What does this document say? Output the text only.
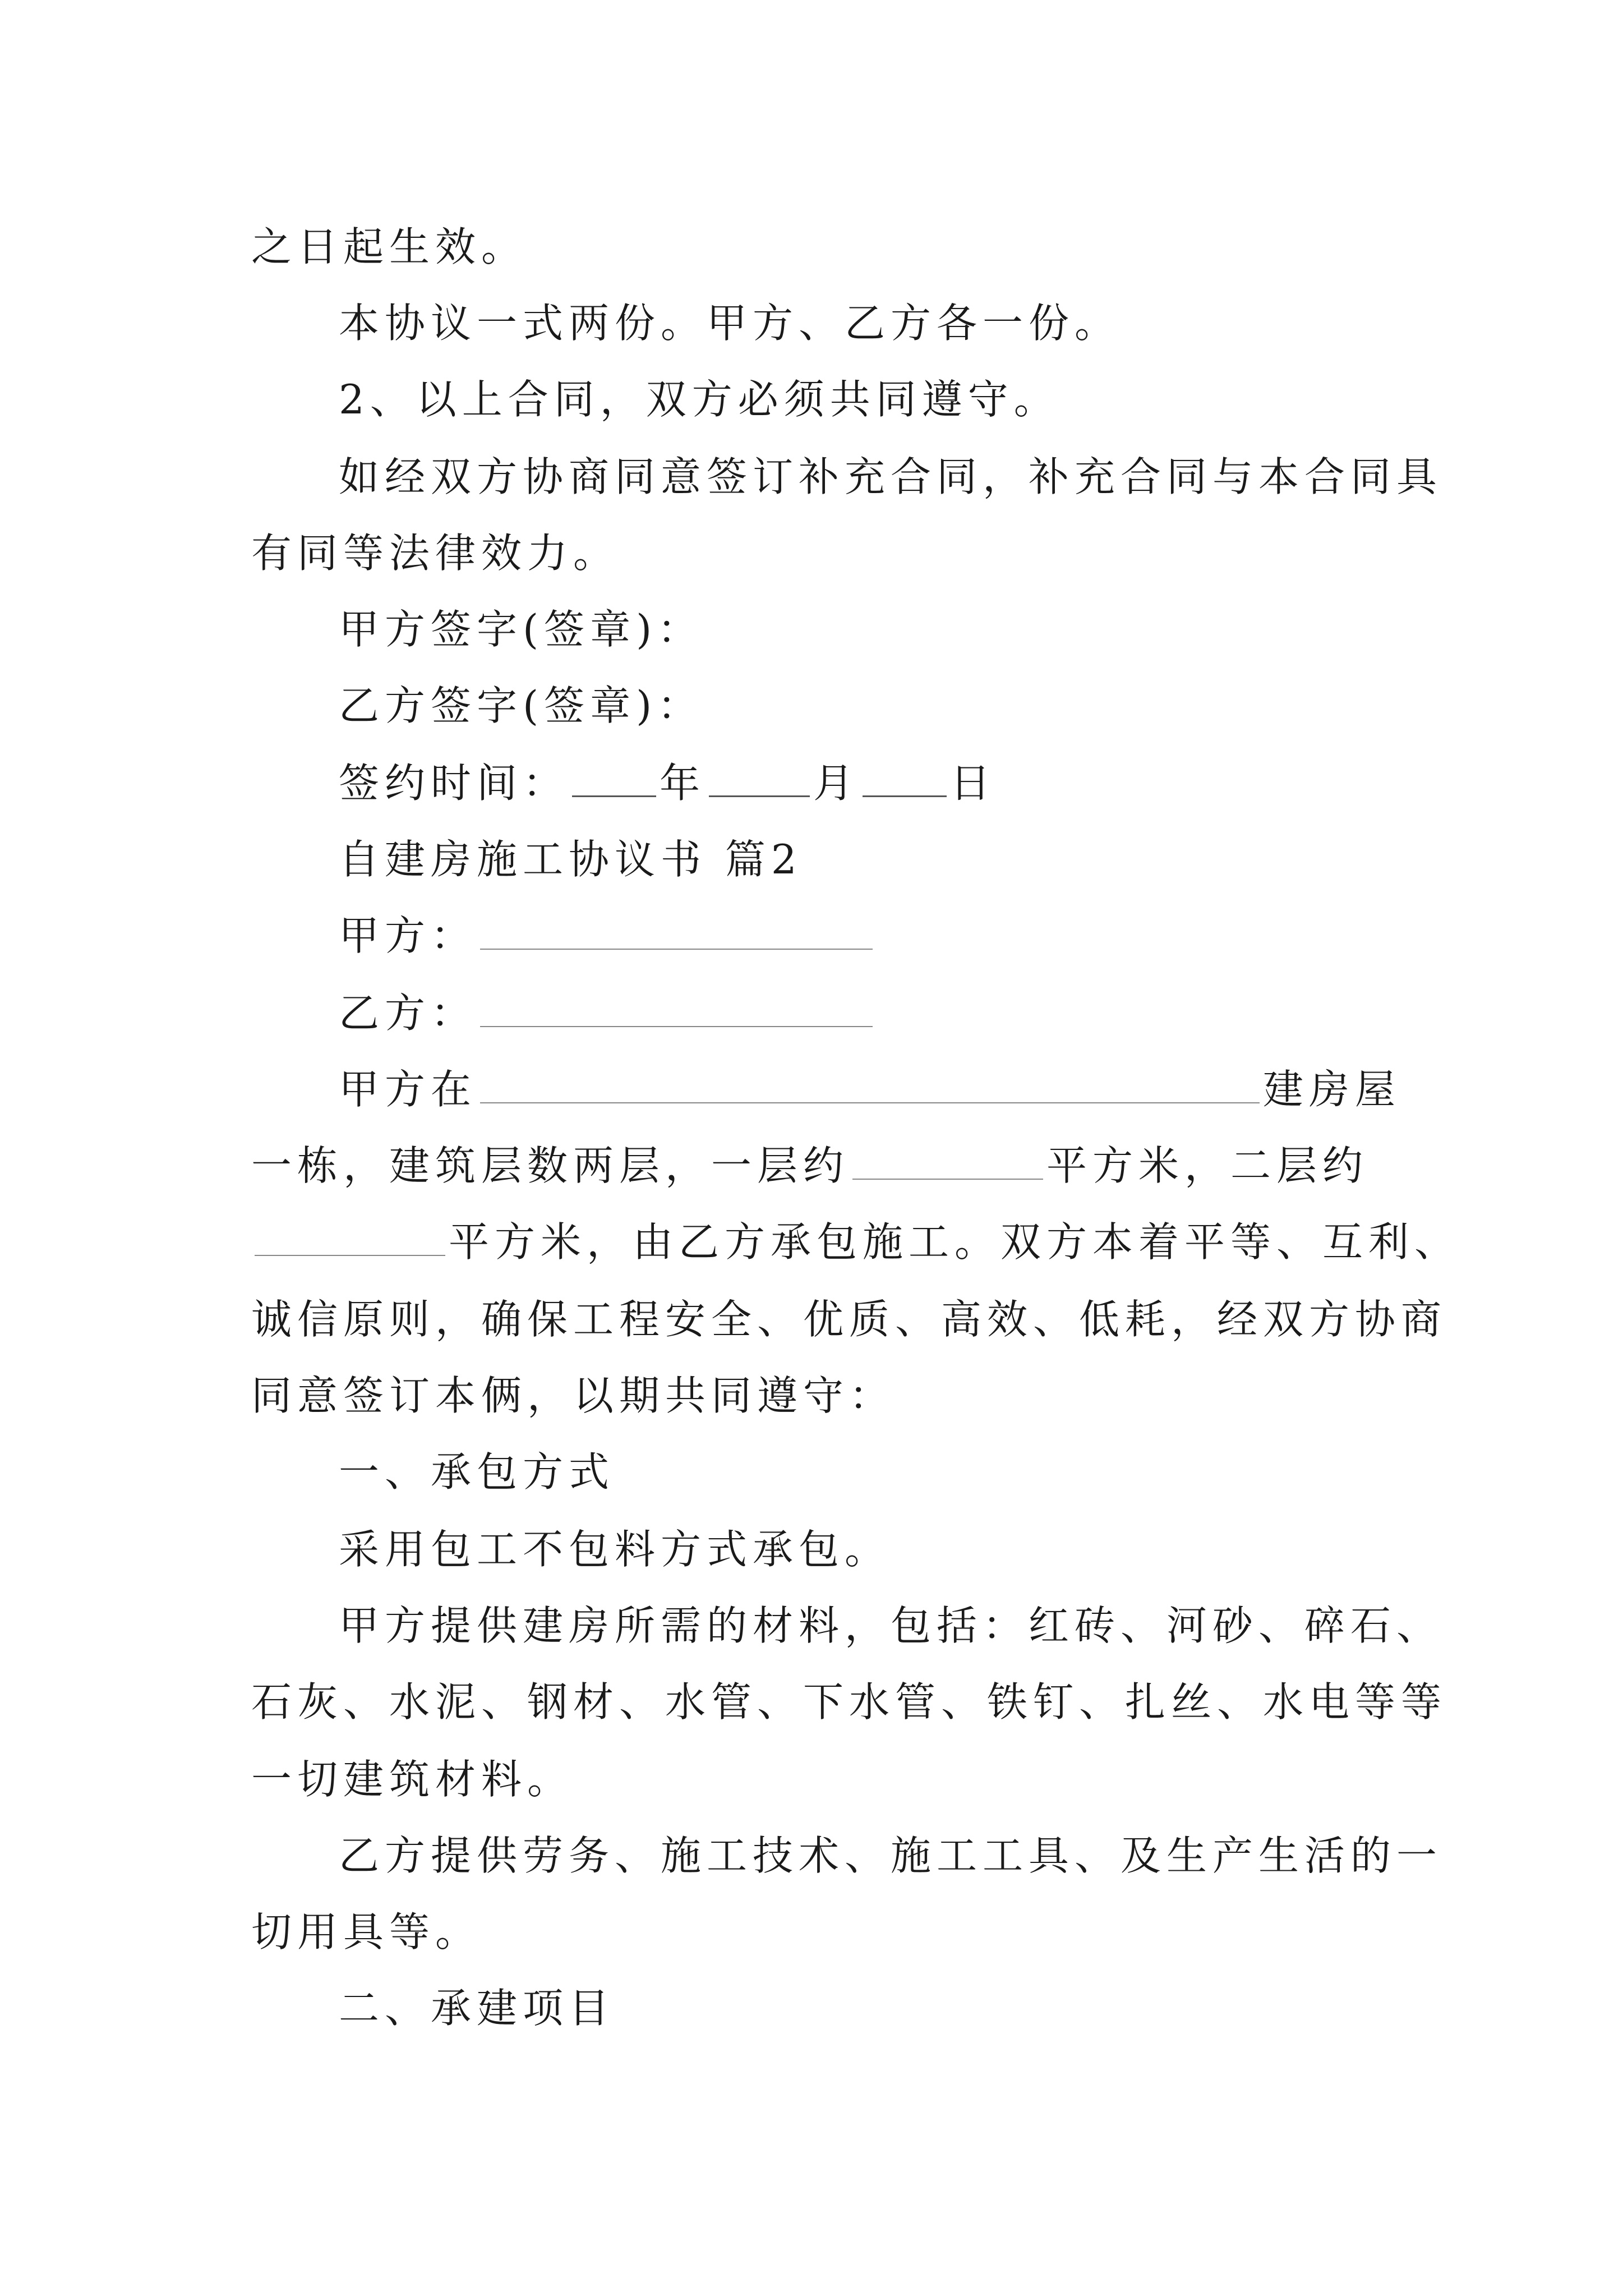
之日起生效。
本协议一式两份。甲方、乙方各一份。
2、以上合同，双方必须共同遵守。
如经双方协商同意签订补充合同，补充合同与本合同具
有同等法律效力。
甲方签字(签章)：
乙方签字(签章)：
签约时间： 年	月 日
自建房施工协议书 篇2
甲方：
乙方：
甲方在	建房屋
一栋，建筑层数两层，一层约	平方米，二层约
平方米，由乙方承包施工。双方本着平等、互利、
诚信原则，确保工程安全、优质、高效、低耗，经双方协商
同意签订本俩，以期共同遵守：
一、承包方式
采用包工不包料方式承包。
甲方提供建房所需的材料，包括：红砖、河砂、碎石、
石灰、水泥、钢材、水管、下水管、铁钉、扎丝、水电等等
一切建筑材料。
乙方提供劳务、施工技术、施工工具、及生产生活的一
切用具等。
二、承建项目
